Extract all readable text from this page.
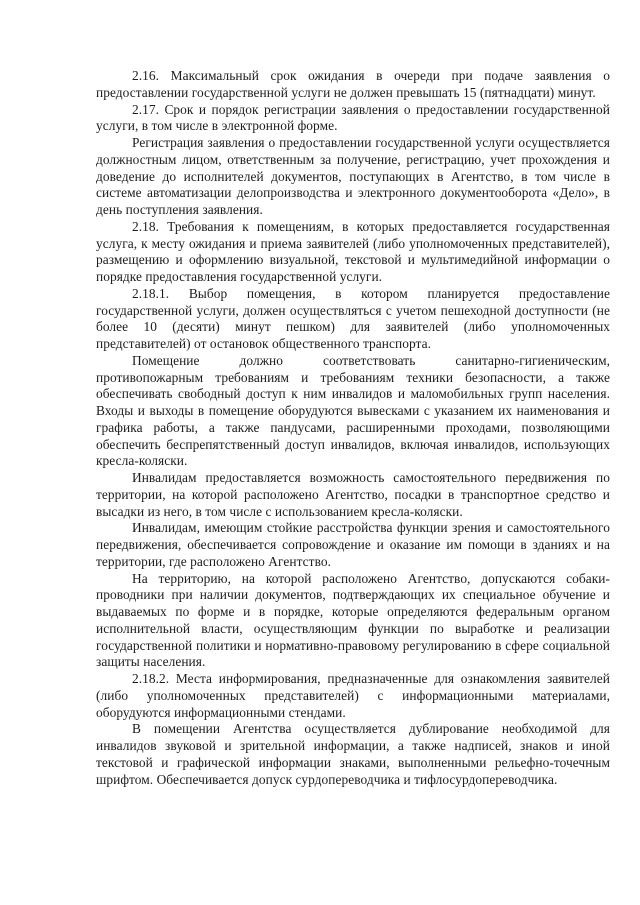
2.16. Максимальный срок ожидания в очереди при подаче заявления о предоставлении государственной услуги не должен превышать 15 (пятнадцати) минут.

2.17. Срок и порядок регистрации заявления о предоставлении государственной услуги, в том числе в электронной форме.

Регистрация заявления о предоставлении государственной услуги осуществляется должностным лицом, ответственным за получение, регистрацию, учет прохождения и доведение до исполнителей документов, поступающих в Агентство, в том числе в системе автоматизации делопроизводства и электронного документооборота «Дело», в день поступления заявления.

2.18. Требования к помещениям, в которых предоставляется государственная услуга, к месту ожидания и приема заявителей (либо уполномоченных представителей), размещению и оформлению визуальной, текстовой и мультимедийной информации о порядке предоставления государственной услуги.

2.18.1. Выбор помещения, в котором планируется предоставление государственной услуги, должен осуществляться с учетом пешеходной доступности (не более 10 (десяти) минут пешком) для заявителей (либо уполномоченных представителей) от остановок общественного транспорта.

Помещение должно соответствовать санитарно-гигиеническим, противопожарным требованиям и требованиям техники безопасности, а также обеспечивать свободный доступ к ним инвалидов и маломобильных групп населения. Входы и выходы в помещение оборудуются вывесками с указанием их наименования и графика работы, а также пандусами, расширенными проходами, позволяющими обеспечить беспрепятственный доступ инвалидов, включая инвалидов, использующих кресла-коляски.

Инвалидам предоставляется возможность самостоятельного передвижения по территории, на которой расположено Агентство, посадки в транспортное средство и высадки из него, в том числе с использованием кресла-коляски.

Инвалидам, имеющим стойкие расстройства функции зрения и самостоятельного передвижения, обеспечивается сопровождение и оказание им помощи в зданиях и на территории, где расположено Агентство.

На территорию, на которой расположено Агентство, допускаются собаки-проводники при наличии документов, подтверждающих их специальное обучение и выдаваемых по форме и в порядке, которые определяются федеральным органом исполнительной власти, осуществляющим функции по выработке и реализации государственной политики и нормативно-правовому регулированию в сфере социальной защиты населения.

2.18.2. Места информирования, предназначенные для ознакомления заявителей (либо уполномоченных представителей) с информационными материалами, оборудуются информационными стендами.

В помещении Агентства осуществляется дублирование необходимой для инвалидов звуковой и зрительной информации, а также надписей, знаков и иной текстовой и графической информации знаками, выполненными рельефно-точечным шрифтом. Обеспечивается допуск сурдопереводчика и тифлосурдопереводчика.
